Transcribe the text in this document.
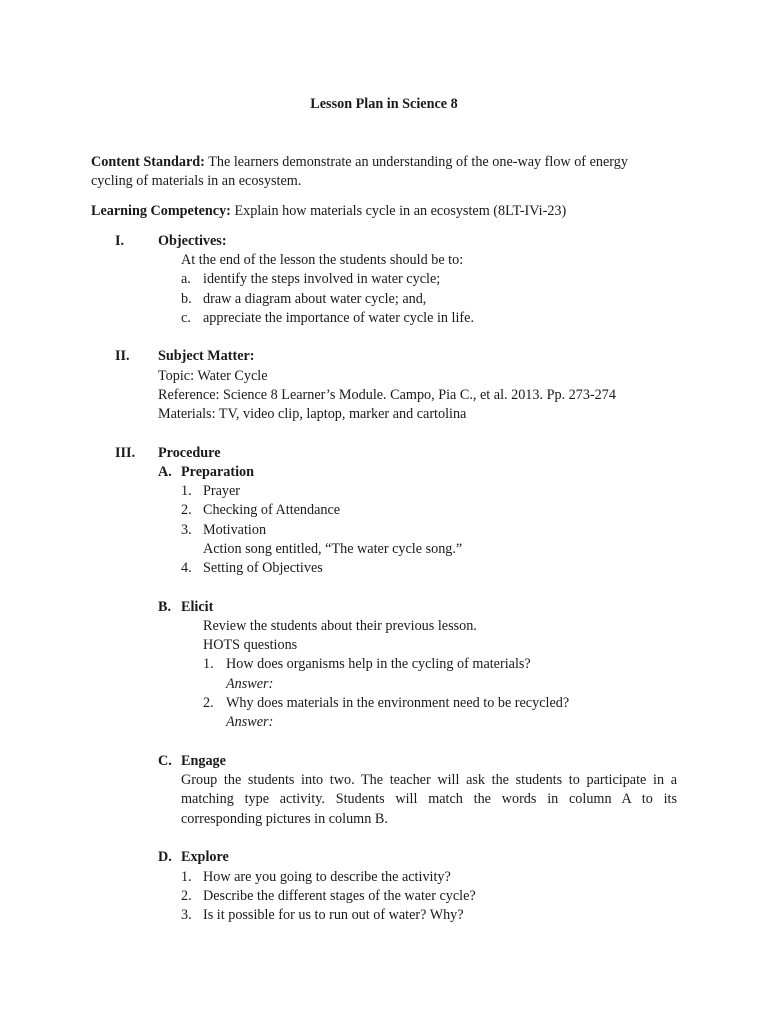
Lesson Plan in Science 8
Content Standard: The learners demonstrate an understanding of the one-way flow of energy
cycling of materials in an ecosystem.
Learning Competency: Explain how materials cycle in an ecosystem (8LT-IVi-23)
I. Objectives:
At the end of the lesson the students should be to:
a. identify the steps involved in water cycle;
b. draw a diagram about water cycle; and,
c. appreciate the importance of water cycle in life.
II. Subject Matter:
Topic: Water Cycle
Reference: Science 8 Learner’s Module. Campo, Pia C., et al. 2013. Pp. 273-274
Materials: TV, video clip, laptop, marker and cartolina
III. Procedure
A. Preparation
1. Prayer
2. Checking of Attendance
3. Motivation
Action song entitled, “The water cycle song.”
4. Setting of Objectives
B. Elicit
Review the students about their previous lesson.
HOTS questions
1. How does organisms help in the cycling of materials?
Answer:
2. Why does materials in the environment need to be recycled?
Answer:
C. Engage
Group the students into two. The teacher will ask the students to participate in a
matching type activity. Students will match the words in column A to its
corresponding pictures in column B.
D. Explore
1. How are you going to describe the activity?
2. Describe the different stages of the water cycle?
3. Is it possible for us to run out of water? Why?
